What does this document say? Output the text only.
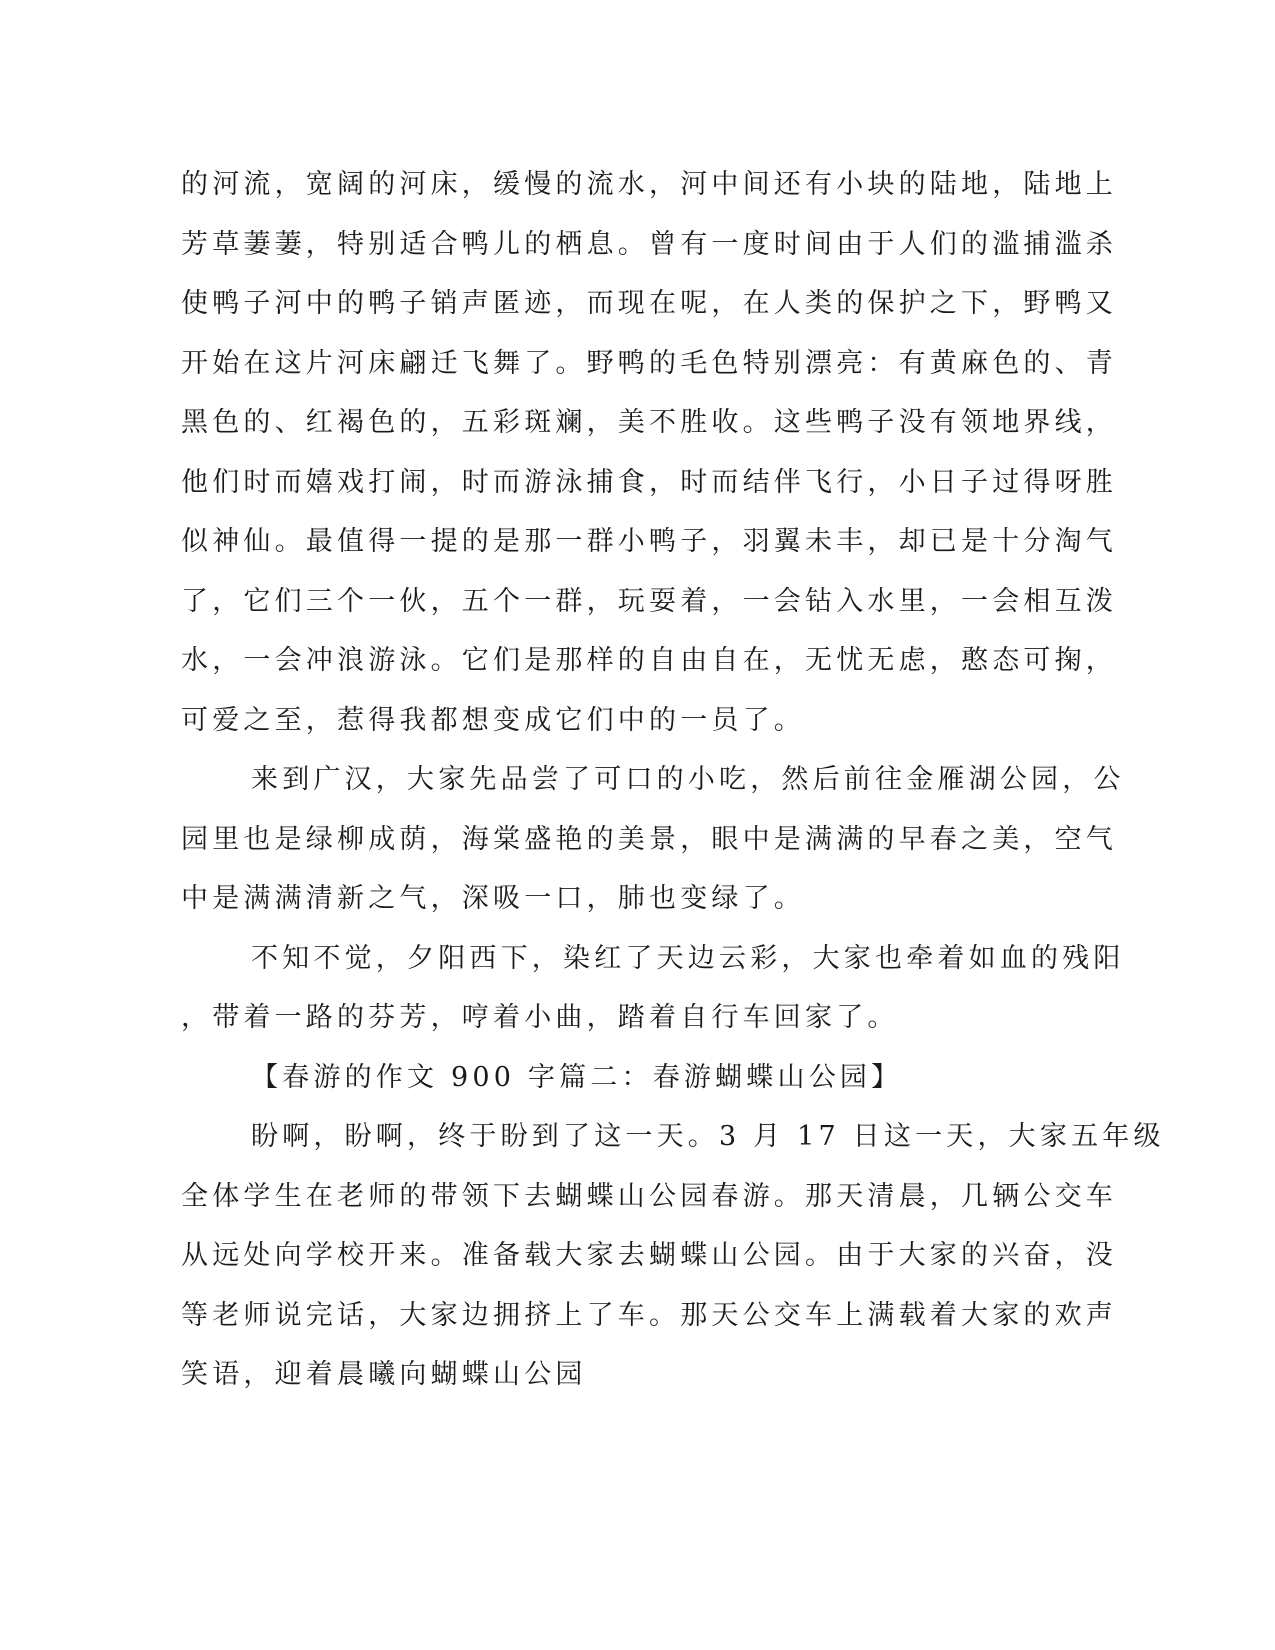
的河流，宽阔的河床，缓慢的流水，河中间还有小块的陆地，陆地上
芳草萋萋，特别适合鸭儿的栖息。曾有一度时间由于人们的滥捕滥杀
使鸭子河中的鸭子销声匿迹，而现在呢，在人类的保护之下，野鸭又
开始在这片河床翩迁飞舞了。野鸭的毛色特别漂亮：有黄麻色的、青
黑色的、红褐色的，五彩斑斓，美不胜收。这些鸭子没有领地界线，
他们时而嬉戏打闹，时而游泳捕食，时而结伴飞行，小日子过得呀胜
似神仙。最值得一提的是那一群小鸭子，羽翼未丰，却已是十分淘气
了，它们三个一伙，五个一群，玩耍着，一会钻入水里，一会相互泼
水，一会冲浪游泳。它们是那样的自由自在，无忧无虑，憨态可掬，
可爱之至，惹得我都想变成它们中的一员了。
来到广汉，大家先品尝了可口的小吃，然后前往金雁湖公园，公
园里也是绿柳成荫，海棠盛艳的美景，眼中是满满的早春之美，空气
中是满满清新之气，深吸一口，肺也变绿了。
不知不觉，夕阳西下，染红了天边云彩，大家也牵着如血的残阳
，带着一路的芬芳，哼着小曲，踏着自行车回家了。
【春游的作文 900 字篇二：春游蝴蝶山公园】
盼啊，盼啊，终于盼到了这一天。3 月 17 日这一天，大家五年级
全体学生在老师的带领下去蝴蝶山公园春游。那天清晨，几辆公交车
从远处向学校开来。准备载大家去蝴蝶山公园。由于大家的兴奋，没
等老师说完话，大家边拥挤上了车。那天公交车上满载着大家的欢声
笑语，迎着晨曦向蝴蝶山公园
